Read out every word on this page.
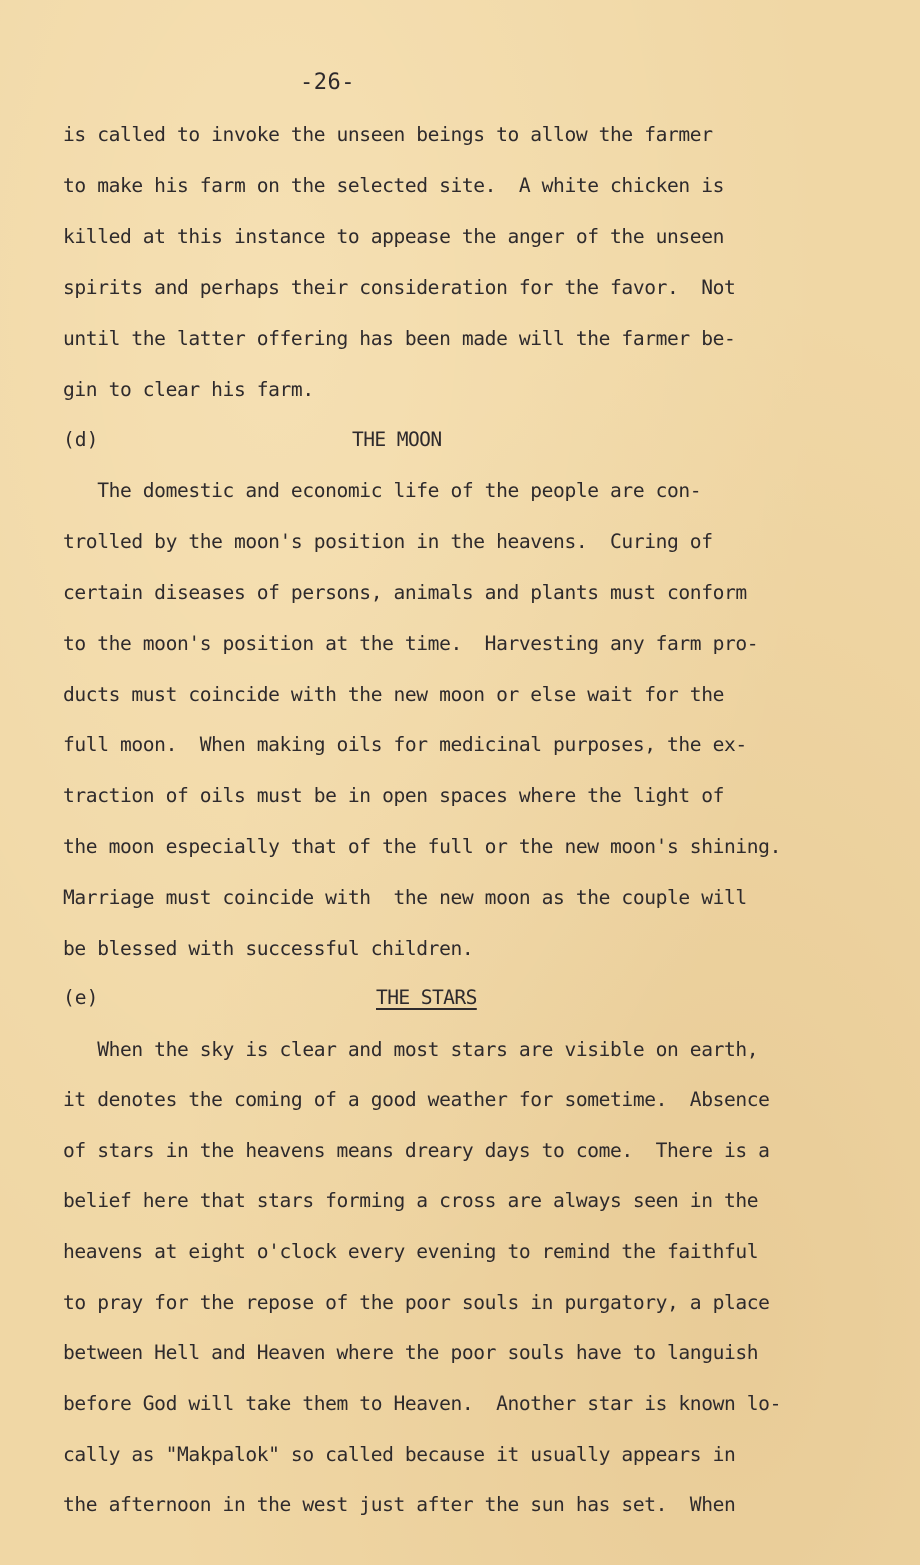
-26-
is called to invoke the unseen beings to allow the farmer
to make his farm on the selected site.  A white chicken is
killed at this instance to appease the anger of the unseen
spirits and perhaps their consideration for the favor.  Not
until the latter offering has been made will the farmer be-
gin to clear his farm.
(d)	THE MOON
The domestic and economic life of the people are con-
trolled by the moon's position in the heavens.  Curing of
certain diseases of persons, animals and plants must conform
to the moon's position at the time.  Harvesting any farm pro-
ducts must coincide with the new moon or else wait for the
full moon.  When making oils for medicinal purposes, the ex-
traction of oils must be in open spaces where the light of
the moon especially that of the full or the new moon's shining.
Marriage must coincide with  the new moon as the couple will
be blessed with successful children.
(e)	THE STARS
When the sky is clear and most stars are visible on earth,
it denotes the coming of a good weather for sometime.  Absence
of stars in the heavens means dreary days to come.  There is a
belief here that stars forming a cross are always seen in the
heavens at eight o'clock every evening to remind the faithful
to pray for the repose of the poor souls in purgatory, a place
between Hell and Heaven where the poor souls have to languish
before God will take them to Heaven.  Another star is known lo-
cally as "Makpalok" so called because it usually appears in
the afternoon in the west just after the sun has set.  When
